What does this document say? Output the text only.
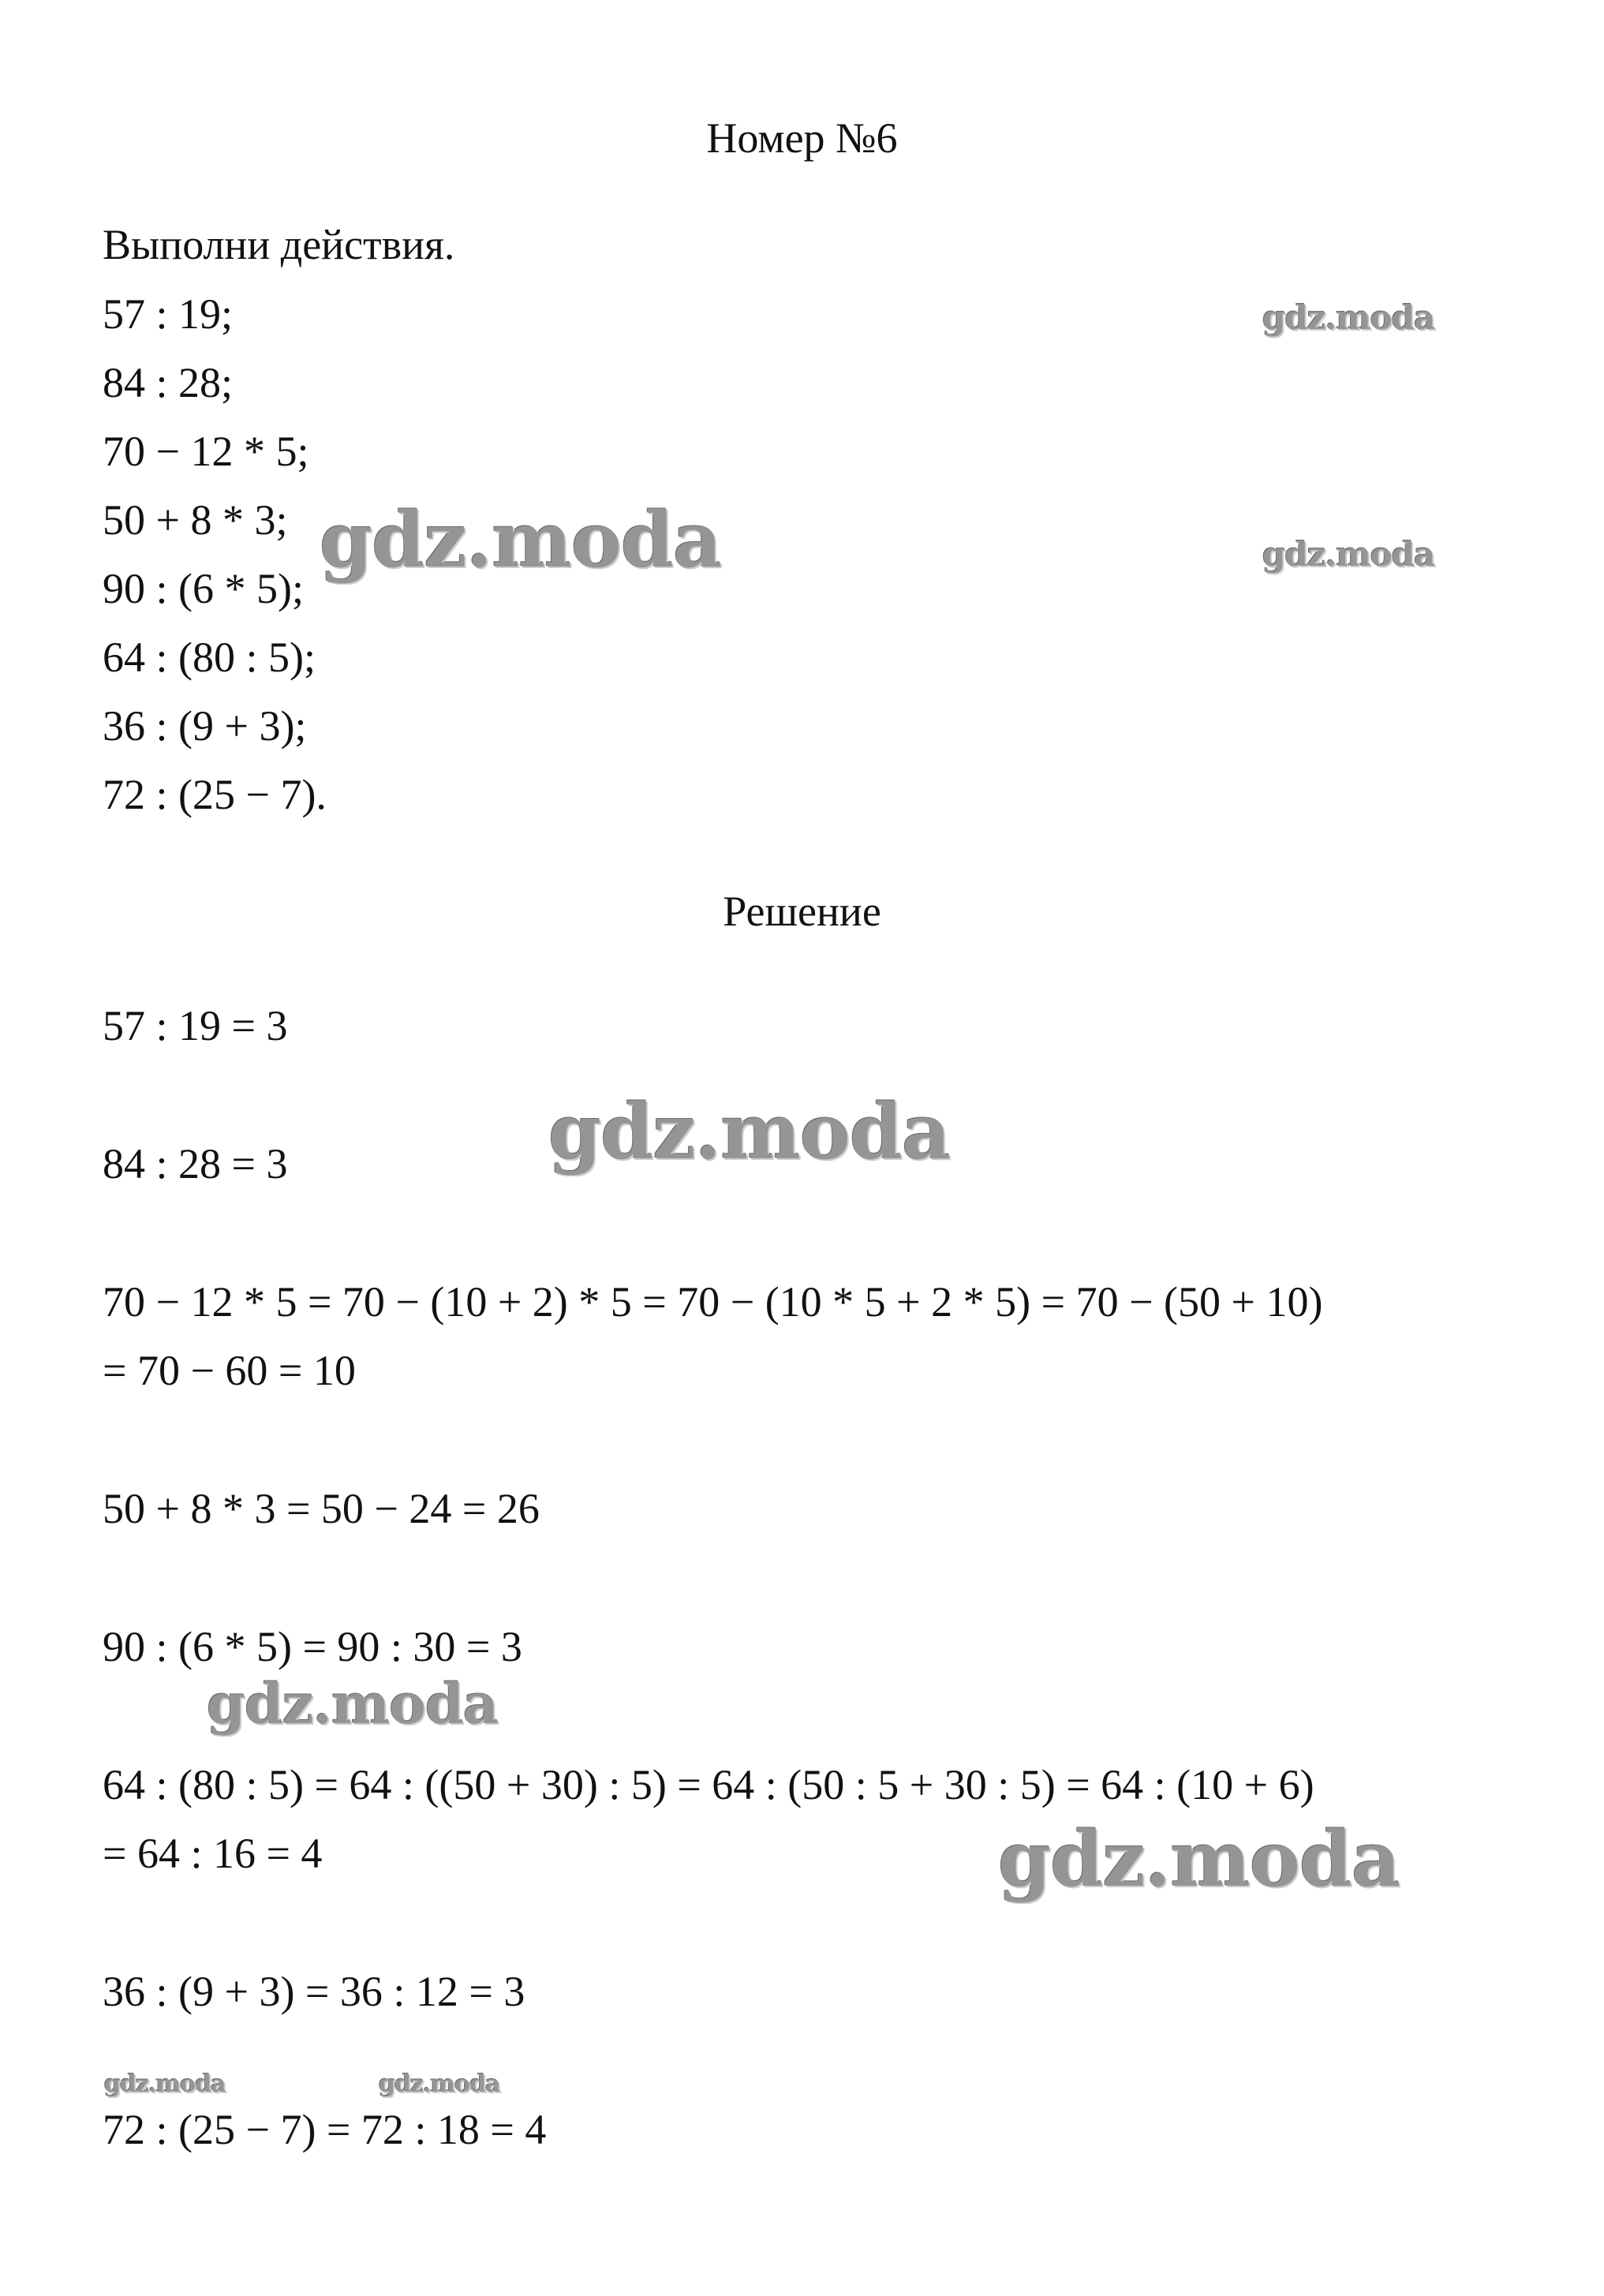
Номер №6
Выполни действия.
57 : 19;
84 : 28;
70 − 12 * 5;
50 + 8 * 3;
90 : (6 * 5);
64 : (80 : 5);
36 : (9 + 3);
72 : (25 − 7).
Решение
57 : 19 = 3
84 : 28 = 3
70 − 12 * 5 = 70 − (10 + 2) * 5 = 70 − (10 * 5 + 2 * 5) = 70 − (50 + 10)
= 70 − 60 = 10
50 + 8 * 3 = 50 − 24 = 26
90 : (6 * 5) = 90 : 30 = 3
64 : (80 : 5) = 64 : ((50 + 30) : 5) = 64 : (50 : 5 + 30 : 5) = 64 : (10 + 6)
= 64 : 16 = 4
36 : (9 + 3) = 36 : 12 = 3
72 : (25 − 7) = 72 : 18 = 4
gdz.moda
gdz.moda
gdz.moda
gdz.moda
gdz.moda
gdz.moda
gdz.moda	gdz.moda
